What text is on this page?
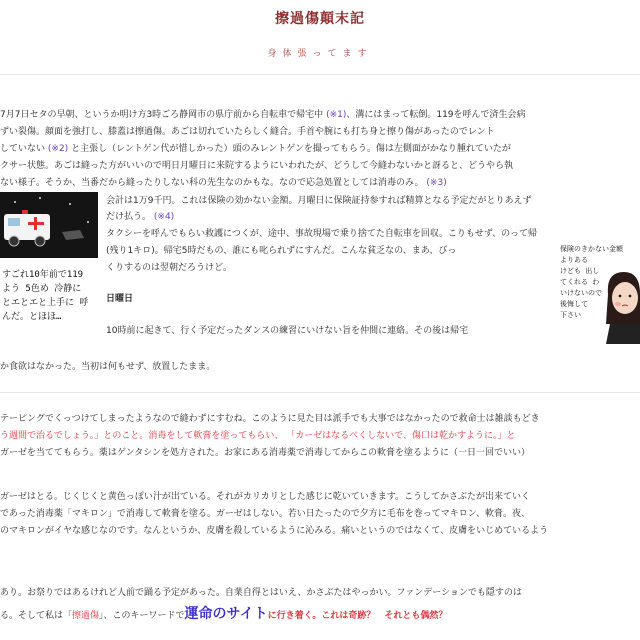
擦過傷顛末記
身体張ってます
7月7日セタの早朝、というか明け方3時ごろ静岡市の県庁前から自転車で帰宅中 (※1)、溝にはまって転倒。119を呼んで済生会病
ずい裂傷。顔面を強打し、膝蓋は擦過傷。あごは切れていたらしく縫合。手首や腕にも打ち身と擦り傷があったのでレント
していない (※2) と主張し（レントゲン代が惜しかった）頭のみレントゲンを撮ってもらう。傷は左側面がかなり腫れていたが
クサー状態。あごは縫った方がいいので明日月曜日に来院するようにいわれたが、どうして今縫わないかと訝ると、どうやら執
ない様子。そうか、当番だから縫ったりしない科の先生なのかもな。なので応急処置としては消毒のみ。 (※3)
会計は1万9千円。これは保険の効かない金額。月曜日に保険証持参すれば精算となる予定だがとりあえず
だけ払う。 (※4)
タクシーを呼んでもらい救護につくが、途中、事故現場で乗り捨てた自転車を回収。こりもせず、のって帰
(残り1キロ)。帰宅5時だもの、誰にも叱られずにすんだ。こんな貧乏なの、まあ、びっ
くりするのは翌朝だろうけど。
すごれ10年前で119
よう 5色め 冷静に
とエとエと上手に 呼
んだ。とほほ…
日曜日
10時前に起きて、行く予定だったダンスの練習にいけない旨を仲間に連絡。その後は帰宅
か食欲はなかった。当初は何もせず、放置したまま。
保険のきかない金額
よりある
けども 出し
てくれる わ
いけないので
後悔して
下さい
テーピングでくっつけてしまったようなので縫わずにすむね。このように見た目は派手でも大事ではなかったので救命士は雑談もどき
う週間で治るでしょう。」とのこと。消毒をして軟膏を塗ってもらい、 「カーゼはなるべくしないで、傷口は乾かすように。」と
ガーゼを当ててもらう。薬はゲンタシンを処方された。お家にある消毒薬で消毒してからこの軟膏を塗るように（一日一回でいい）
ガーゼはとる。じくじくと黄色っぽい汁が出ている。それがカリカリとした感じに乾いていきます。こうしてかさぶたが出来ていく
であった消毒薬「マキロン」で消毒して軟膏を塗る。ガーゼはしない。若い日たったので夕方に毛布を巻ってマキロン、軟膏。夜、
のマキロンがイヤな感じなのです。なんというか、皮膚を殺しているように沁みる。痛いというのではなくて、皮膚をいじめているよう
あり。お祭りではあるけれど人前で踊る予定があった。自業自得とはいえ、かさぶたはやっかい。ファンデーションでも隠すのは
る。そして私は「擦過傷」、このキーワードで運命のサイトに行き着く。これは奇跡？　それとも偶然？
